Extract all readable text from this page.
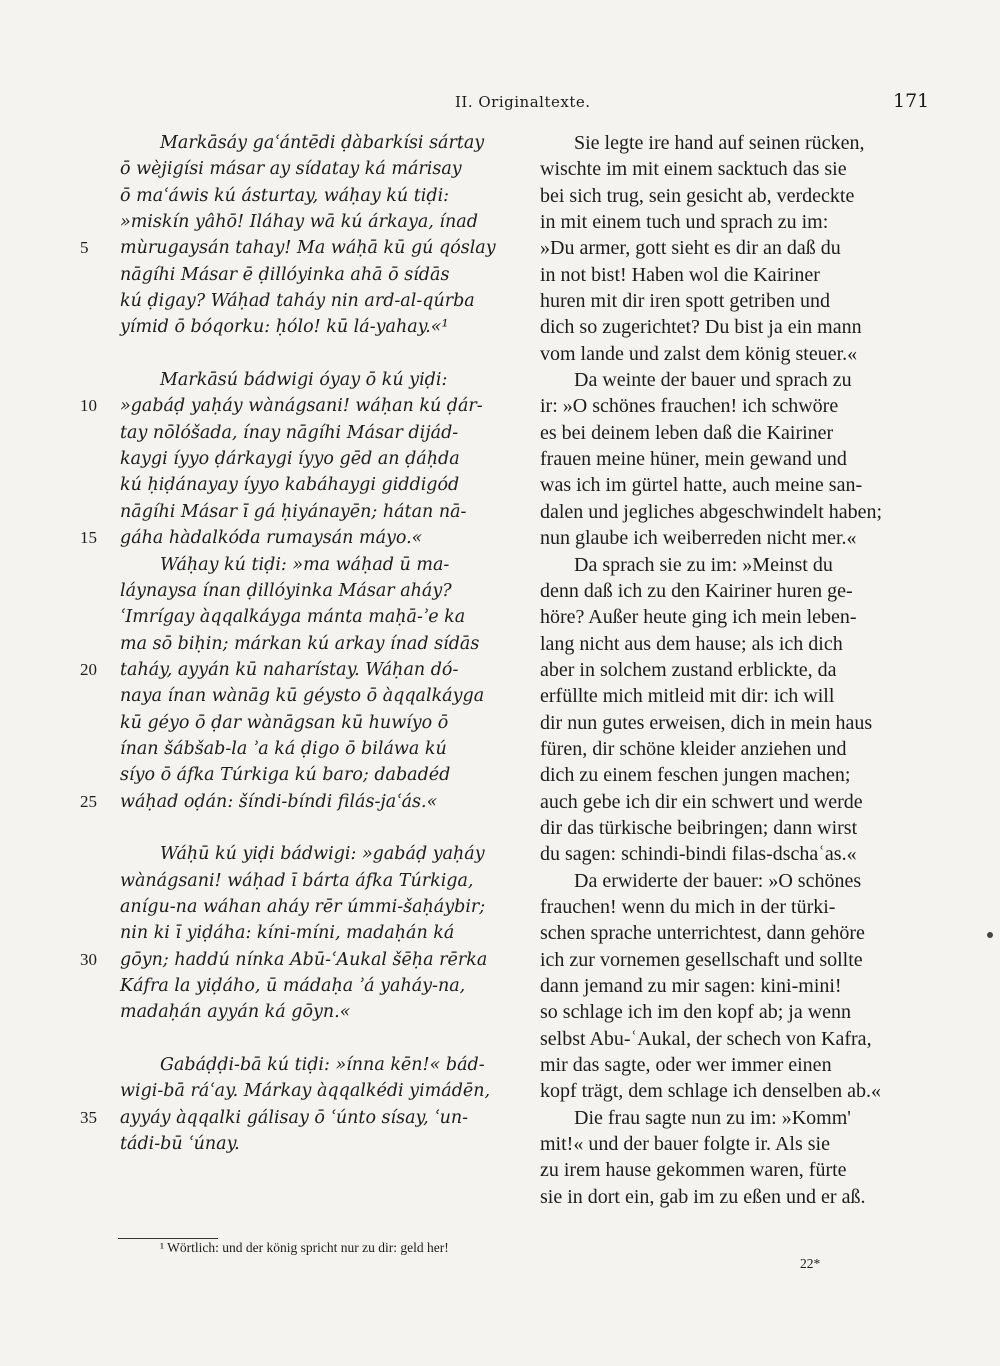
II. Originaltexte.	171
Markāsáy gaʿántēdi ḍàbarkísi sártay
ō wèjigísi másar ay sídatay ká márisay
ō maʿáwis kú ásturtay, wáḥay kú tiḍi:
»miskín yâhō! Iláhay wā kú árkaya, ínad
5	mùrugaysán tahay! Ma wáḥā kū gú qóslay
nāgíhi Másar ē ḍillóyinka ahā ō sídās
kú ḍigay? Wáḥad taháy nin ard-al-qúrba
yímid ō bóqorku: ḥólo! kū lá-yahay.«¹
Markāsú bádwigi óyay ō kú yiḍi:
10	»gabáḍ yaḥáy wànágsani! wáḥan kú ḍár-
tay nōlóšada, ínay nāgíhi Másar dijád-
kaygi íyyo ḍárkaygi íyyo gēd an ḍáḥda
kú ḥiḍánayay íyyo kabáhaygi giddigód
nāgíhi Másar ī gá ḥiyánayēn; hátan nā-
15	gáha hàdalkóda rumaysán máyo.«
Wáḥay kú tiḍi: »ma wáḥad ū ma-
láynaysa ínan ḍillóyinka Másar aháy?
ʿImrígay àqqalkáyga mánta maḥā-ʾe ka
ma sō biḥin; márkan kú arkay ínad sídās
20	taháy, ayyán kū naharístay. Wáḥan dó-
naya ínan wànāg kū géysto ō àqqalkáyga
kū géyo ō ḍar wànāgsan kū huwíyo ō
ínan šábšab-la ʾa ká ḍigo ō biláwa kú
síyo ō áfka Túrkiga kú baro; dabadéd
25	wáḥad oḍán: šíndi-bíndi filás-jaʿás.«
Wáḥū kú yiḍi bádwigi: »gabáḍ yaḥáy
wànágsani! wáḥad ī bárta áfka Túrkiga,
anígu-na wáhan aháy rēr úmmi-šaḥáybir;
nin ki ī yiḍáha: kíni-míni, madaḥán ká
30	gōyn; haddú nínka Abū-ʿAukal šēḥa rērka
Káfra la yiḍáho, ū mádaḥa ʾá yaháy-na,
madaḥán ayyán ká gōyn.«
Gabáḍḍi-bā kú tiḍi: »ínna kēn!« bád-
wigi-bā ráʿay. Márkay àqqalkédi yimádēn,
35	ayyáy àqqalki gálisay ō ʿúnto sísay, ʿun-
tádi-bū ʿúnay.
Sie legte ire hand auf seinen rücken,
wischte im mit einem sacktuch das sie
bei sich trug, sein gesicht ab, verdeckte
in mit einem tuch und sprach zu im:
»Du armer, gott sieht es dir an daß du
in not bist! Haben wol die Kairiner
huren mit dir iren spott getriben und
dich so zugerichtet? Du bist ja ein mann
vom lande und zalst dem könig steuer.«
Da weinte der bauer und sprach zu
ir: »O schönes frauchen! ich schwöre
es bei deinem leben daß die Kairiner
frauen meine hüner, mein gewand und
was ich im gürtel hatte, auch meine san-
dalen und jegliches abgeschwindelt haben;
nun glaube ich weiberreden nicht mer.«
Da sprach sie zu im: »Meinst du
denn daß ich zu den Kairiner huren ge-
höre? Außer heute ging ich mein leben-
lang nicht aus dem hause; als ich dich
aber in solchem zustand erblickte, da
erfüllte mich mitleid mit dir: ich will
dir nun gutes erweisen, dich in mein haus
füren, dir schöne kleider anziehen und
dich zu einem feschen jungen machen;
auch gebe ich dir ein schwert und werde
dir das türkische beibringen; dann wirst
du sagen: schindi-bindi filas-dschaʿas.«
Da erwiderte der bauer: »O schönes
frauchen! wenn du mich in der türki-
schen sprache unterrichtest, dann gehöre
ich zur vornemen gesellschaft und sollte
dann jemand zu mir sagen: kini-mini!
so schlage ich im den kopf ab; ja wenn
selbst Abu-ʿAukal, der schech von Kafra,
mir das sagte, oder wer immer einen
kopf trägt, dem schlage ich denselben ab.«
Die frau sagte nun zu im: »Komm'
mit!« und der bauer folgte ir. Als sie
zu irem hause gekommen waren, fürte
sie in dort ein, gab im zu eßen und er aß.
¹ Wörtlich: und der könig spricht nur zu dir: geld her!
22*
